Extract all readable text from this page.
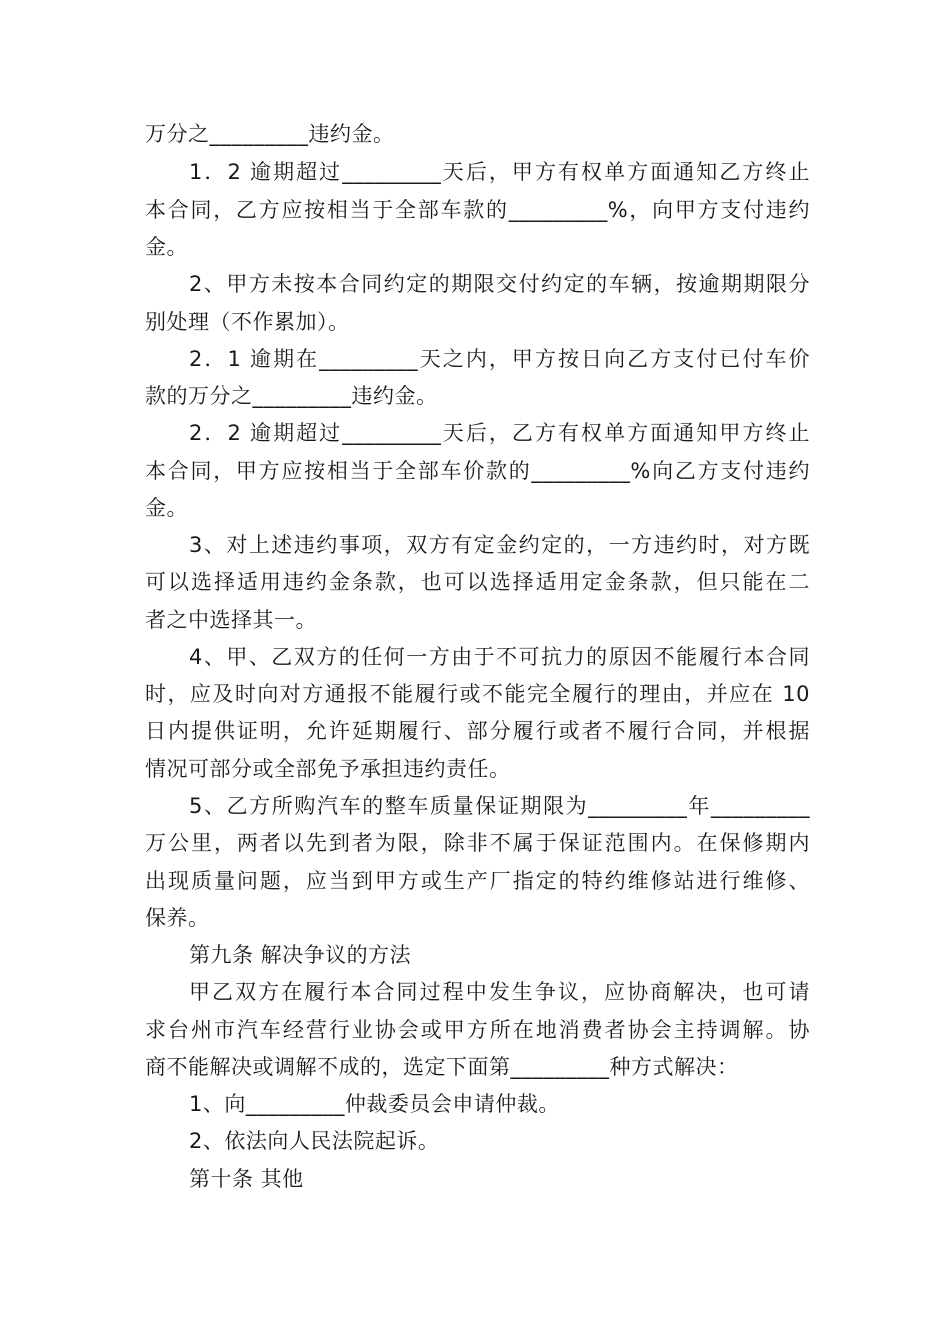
万分之_________违约金。
1．2 逾期超过_________天后，甲方有权单方面通知乙方终止
本合同，乙方应按相当于全部车款的_________%，向甲方支付违约
金。
2、甲方未按本合同约定的期限交付约定的车辆，按逾期期限分
别处理（不作累加）。
2．1 逾期在_________天之内，甲方按日向乙方支付已付车价
款的万分之_________违约金。
2．2 逾期超过_________天后，乙方有权单方面通知甲方终止
本合同，甲方应按相当于全部车价款的_________%向乙方支付违约
金。
3、对上述违约事项，双方有定金约定的，一方违约时，对方既
可以选择适用违约金条款，也可以选择适用定金条款，但只能在二
者之中选择其一。
4、甲、乙双方的任何一方由于不可抗力的原因不能履行本合同
时，应及时向对方通报不能履行或不能完全履行的理由，并应在 10
日内提供证明，允许延期履行、部分履行或者不履行合同，并根据
情况可部分或全部免予承担违约责任。
5、乙方所购汽车的整车质量保证期限为_________年_________
万公里，两者以先到者为限，除非不属于保证范围内。在保修期内
出现质量问题，应当到甲方或生产厂指定的特约维修站进行维修、
保养。
第九条 解决争议的方法
甲乙双方在履行本合同过程中发生争议，应协商解决，也可请
求台州市汽车经营行业协会或甲方所在地消费者协会主持调解。协
商不能解决或调解不成的，选定下面第_________种方式解决：
1、向_________仲裁委员会申请仲裁。
2、依法向人民法院起诉。
第十条 其他
